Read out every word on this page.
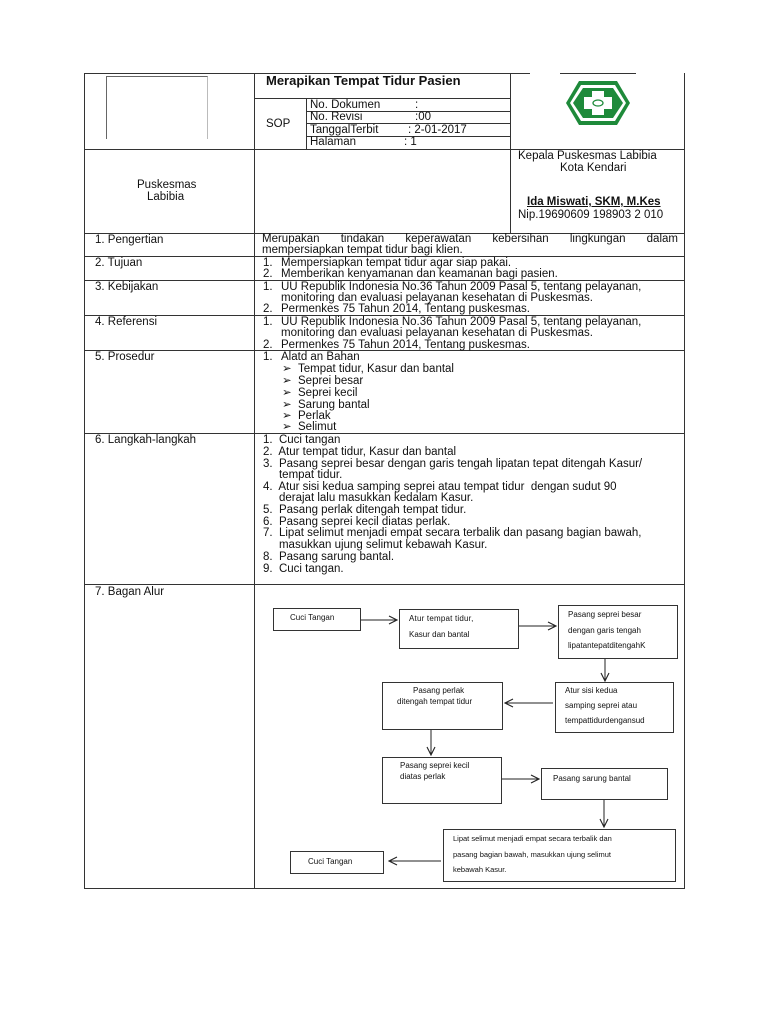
Merapikan Tempat Tidur Pasien
SOP
No. Dokumen	:
No. Revisi	:00
TanggalTerbit	: 2-01-2017
Halaman	: 1
Puskesmas
Labibia
Kepala Puskesmas Labibia
Kota Kendari
Ida Miswati, SKM, M.Kes
Nip.19690609 198903 2 010
1. Pengertian	Merupakan tindakan keperawatan kebersihan lingkungan dalam
mempersiapkan tempat tidur bagi klien.
2. Tujuan	1. Mempersiapkan tempat tidur agar siap pakai.
2. Memberikan kenyamanan dan keamanan bagi pasien.
3. Kebijakan	1. UU Republik Indonesia No.36 Tahun 2009 Pasal 5, tentang pelayanan,
monitoring dan evaluasi pelayanan kesehatan di Puskesmas.
2. Permenkes 75 Tahun 2014, Tentang puskesmas.
4. Referensi	1. UU Republik Indonesia No.36 Tahun 2009 Pasal 5, tentang pelayanan,
monitoring dan evaluasi pelayanan kesehatan di Puskesmas.
2. Permenkes 75 Tahun 2014, Tentang puskesmas.
5. Prosedur	1. Alatd an Bahan
➢ Tempat tidur, Kasur dan bantal
➢ Seprei besar
➢ Seprei kecil
➢ Sarung bantal
➢ Perlak
➢ Selimut
6. Langkah-langkah	1.  Cuci tangan
2.  Atur tempat tidur, Kasur dan bantal
3.  Pasang seprei besar dengan garis tengah lipatan tepat ditengah Kasur/
tempat tidur.
4.  Atur sisi kedua samping seprei atau tempat tidur  dengan sudut 90
derajat lalu masukkan kedalam Kasur.
5.  Pasang perlak ditengah tempat tidur.
6.  Pasang seprei kecil diatas perlak.
7.  Lipat selimut menjadi empat secara terbalik dan pasang bagian bawah,
masukkan ujung selimut kebawah Kasur.
8.  Pasang sarung bantal.
9.  Cuci tangan.
7. Bagan Alur
Cuci Tangan	Atur tempat tidur,
Kasur dan bantal
Pasang seprei besar
dengan garis tengah
lipatantepatditengahK
Atur sisi kedua
samping seprei atau
tempattidurdengansud
Pasang perlak
ditengah tempat tidur
Pasang seprei kecil
diatas perlak	Pasang sarung bantal
Lipat selimut menjadi empat secara terbalik dan
pasang bagian bawah, masukkan ujung selimut
kebawah Kasur.
Cuci Tangan
